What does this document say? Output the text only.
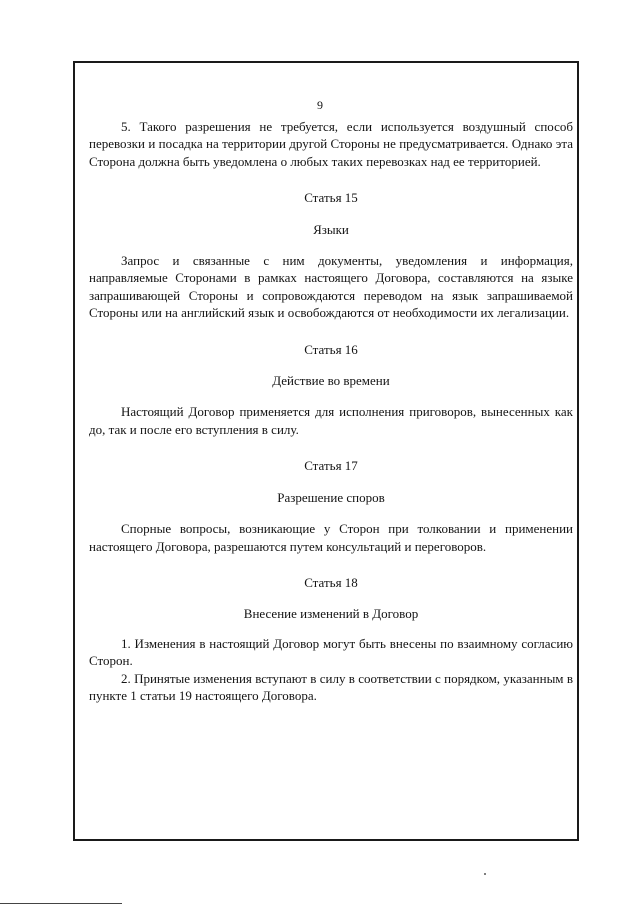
9

5. Такого разрешения не требуется, если используется воздушный способ перевозки и посадка на территории другой Стороны не предусматривается. Однако эта Сторона должна быть уведомлена о любых таких перевозках над ее территорией.

Статья 15

Языки

Запрос и связанные с ним документы, уведомления и информация, направляемые Сторонами в рамках настоящего Договора, составляются на языке запрашивающей Стороны и сопровождаются переводом на язык запрашиваемой Стороны или на английский язык и освобождаются от необходимости их легализации.

Статья 16

Действие во времени

Настоящий Договор применяется для исполнения приговоров, вынесенных как до, так и после его вступления в силу.

Статья 17

Разрешение споров

Спорные вопросы, возникающие у Сторон при толковании и применении настоящего Договора, разрешаются путем консультаций и переговоров.

Статья 18

Внесение изменений в Договор

1. Изменения в настоящий Договор могут быть внесены по взаимному согласию Сторон.

2. Принятые изменения вступают в силу в соответствии с порядком, указанным в пункте 1 статьи 19 настоящего Договора.
